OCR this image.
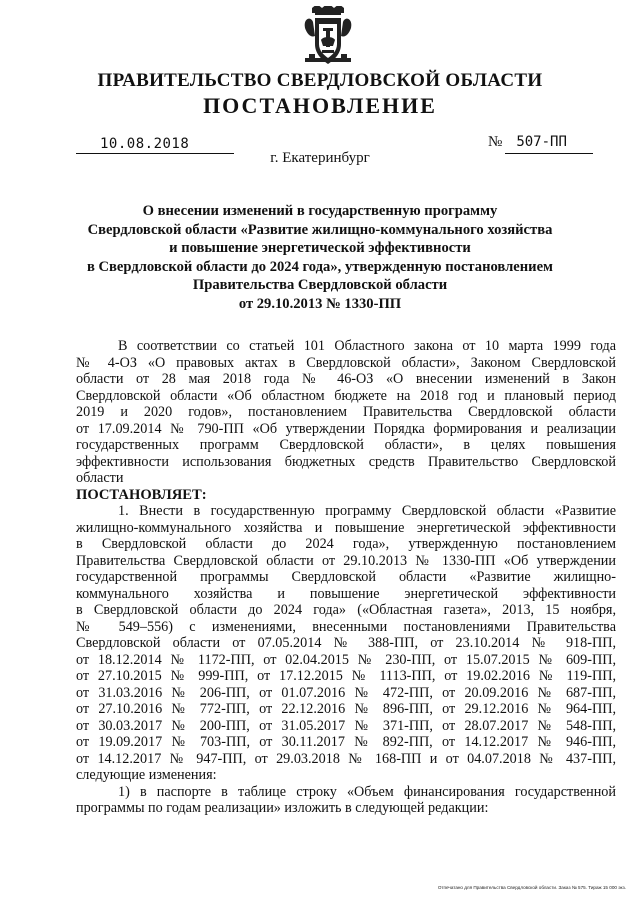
ПРАВИТЕЛЬСТВО СВЕРДЛОВСКОЙ ОБЛАСТИ
ПОСТАНОВЛЕНИЕ
10.08.2018	№ 507-ПП
г. Екатеринбург
О внесении изменений в государственную программу
Свердловской области «Развитие жилищно-коммунального хозяйства
и повышение энергетической эффективности
в Свердловской области до 2024 года», утвержденную постановлением
Правительства Свердловской области
от 29.10.2013 № 1330-ПП
В соответствии со статьей 101 Областного закона от 10 марта 1999 года
№ 4-ОЗ «О правовых актах в Свердловской области», Законом Свердловской
области от 28 мая 2018 года № 46-ОЗ «О внесении изменений в Закон
Свердловской области «Об областном бюджете на 2018 год и плановый период
2019 и 2020 годов», постановлением Правительства Свердловской области
от 17.09.2014 № 790-ПП «Об утверждении Порядка формирования и реализации
государственных программ Свердловской области», в целях повышения
эффективности использования бюджетных средств Правительство Свердловской
области
ПОСТАНОВЛЯЕТ:
1. Внести в государственную программу Свердловской области «Развитие
жилищно-коммунального хозяйства и повышение энергетической эффективности
в Свердловской области до 2024 года», утвержденную постановлением
Правительства Свердловской области от 29.10.2013 № 1330-ПП «Об утверждении
государственной программы Свердловской области «Развитие жилищно-
коммунального хозяйства и повышение энергетической эффективности
в Свердловской области до 2024 года» («Областная газета», 2013, 15 ноября,
№ 549–556) с изменениями, внесенными постановлениями Правительства
Свердловской области от 07.05.2014 № 388-ПП, от 23.10.2014 № 918-ПП,
от 18.12.2014 № 1172-ПП, от 02.04.2015 № 230-ПП, от 15.07.2015 № 609-ПП,
от 27.10.2015 № 999-ПП, от 17.12.2015 № 1113-ПП, от 19.02.2016 № 119-ПП,
от 31.03.2016 № 206-ПП, от 01.07.2016 № 472-ПП, от 20.09.2016 № 687-ПП,
от 27.10.2016 № 772-ПП, от 22.12.2016 № 896-ПП, от 29.12.2016 № 964-ПП,
от 30.03.2017 № 200-ПП, от 31.05.2017 № 371-ПП, от 28.07.2017 № 548-ПП,
от 19.09.2017 № 703-ПП, от 30.11.2017 № 892-ПП, от 14.12.2017 № 946-ПП,
от 14.12.2017 № 947-ПП, от 29.03.2018 № 168-ПП и от 04.07.2018 № 437-ПП,
следующие изменения:
1) в паспорте в таблице строку «Объем финансирования государственной
программы по годам реализации» изложить в следующей редакции:
Отпечатано для Правительства Свердловской области. Заказ № 575. Тираж 15 000 экз.
